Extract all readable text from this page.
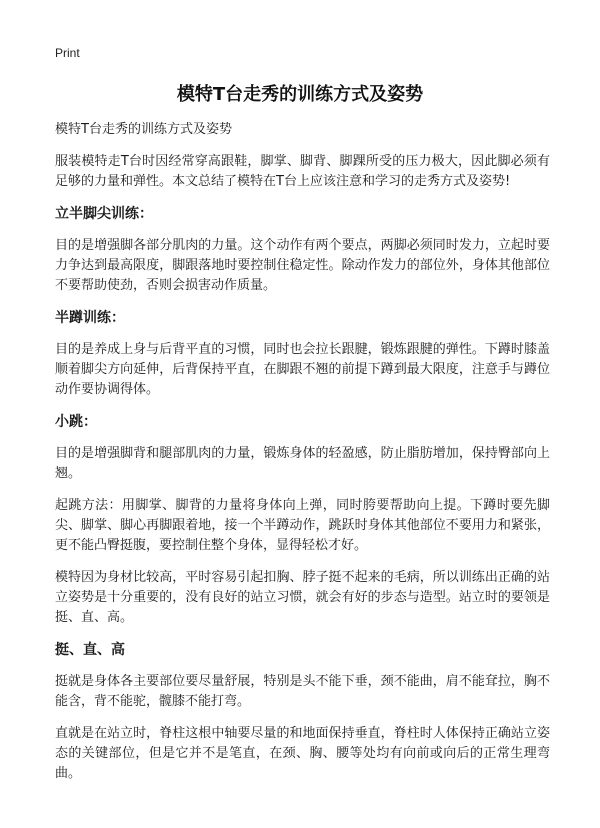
Print
模特T台走秀的训练方式及姿势
模特T台走秀的训练方式及姿势

服装模特走T台时因经常穿高跟鞋，脚掌、脚背、脚踝所受的压力极大，因此脚必须有足够的力量和弹性。本文总结了模特在T台上应该注意和学习的走秀方式及姿势!

立半脚尖训练：

目的是增强脚各部分肌肉的力量。这个动作有两个要点，两脚必须同时发力，立起时要力争达到最高限度，脚跟落地时要控制住稳定性。除动作发力的部位外，身体其他部位不要帮助使劲，否则会损害动作质量。

半蹲训练：

目的是养成上身与后背平直的习惯，同时也会拉长跟腱，锻炼跟腱的弹性。下蹲时膝盖顺着脚尖方向延伸，后背保持平直，在脚跟不翘的前提下蹲到最大限度，注意手与蹲位动作要协调得体。

小跳：

目的是增强脚背和腿部肌肉的力量，锻炼身体的轻盈感，防止脂肪增加，保持臀部向上翘。

起跳方法：用脚掌、脚背的力量将身体向上弹，同时胯要帮助向上提。下蹲时要先脚尖、脚掌、脚心再脚跟着地，接一个半蹲动作，跳跃时身体其他部位不要用力和紧张，更不能凸臀挺腹，要控制住整个身体，显得轻松才好。

模特因为身材比较高，平时容易引起扣胸、脖子挺不起来的毛病，所以训练出正确的站立姿势是十分重要的，没有良好的站立习惯，就会有好的步态与造型。站立时的要领是挺、直、高。

挺、直、高

挺就是身体各主要部位要尽量舒展，特别是头不能下垂，颈不能曲，肩不能耷拉，胸不能含，背不能驼，髋膝不能打弯。

直就是在站立时，脊柱这根中轴要尽量的和地面保持垂直，脊柱时人体保持正确站立姿态的关键部位，但是它并不是笔直，在颈、胸、腰等处均有向前或向后的正常生理弯曲。
